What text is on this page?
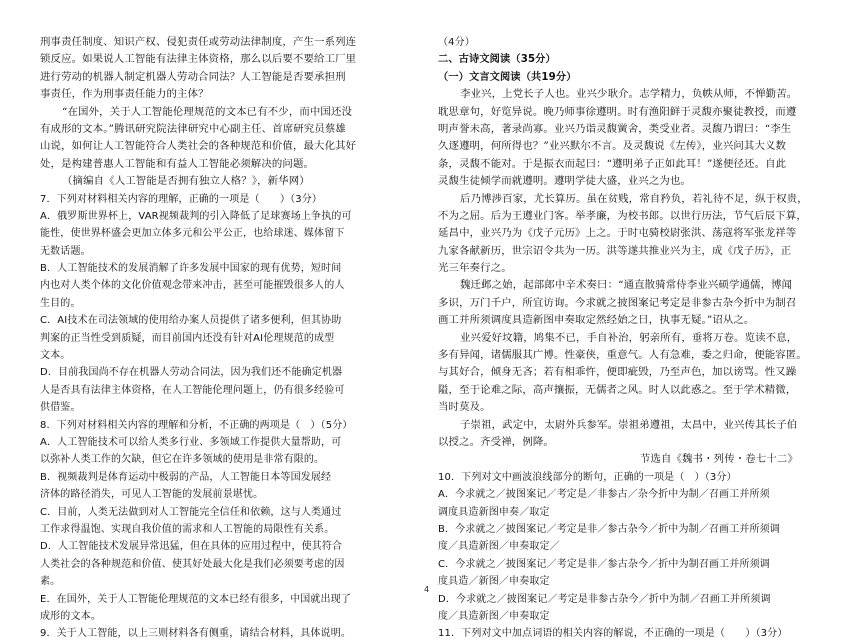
刑事责任制度、知识产权、侵犯责任或劳动法律制度，产生一系列连
锁反应。如果说人工智能有法律主体资格，那么以后要不要给工厂里
进行劳动的机器人制定机器人劳动合同法？人工智能是否要承担刑
事责任，作为刑事责任能力的主体？
“在国外，关于人工智能伦理规范的文本已有不少，而中国还没
有成形的文本。”腾讯研究院法律研究中心副主任、首席研究员蔡雄
山说，如何让人工智能符合人类社会的各种规范和价值，最大化其好
处，是构建普惠人工智能和有益人工智能必须解决的问题。
（摘编自《人工智能是否拥有独立人格？》，新华网）
7．下列对材料相关内容的理解，正确的一项是（　　）（3分）
A．俄罗斯世界杯上，VAR视频裁判的引入降低了足球赛场上争执的可
能性，使世界杯盛会更加立体多元和公平公正，也给球迷、媒体留下
无数话题。
B．人工智能技术的发展消解了许多发展中国家的现有优势，短时间
内也对人类个体的文化价值观念带来冲击，甚至可能摧毁很多人的人
生目的。
C．AI技术在司法领域的使用给办案人员提供了诸多便利，但其协助
判案的正当性受到质疑，而目前国内还没有针对AI伦理规范的成型
文本。
D．目前我国尚不存在机器人劳动合同法，因为我们还不能确定机器
人是否具有法律主体资格，在人工智能伦理问题上，仍有很多经验可
供借鉴。
8．下列对材料相关内容的理解和分析，不正确的两项是（　）（5分）
A．人工智能技术可以给人类多行业、多领域工作提供大量帮助，可
以弥补人类工作的欠缺，但它在许多领域的使用是非常有限的。
B．视频裁判是体育运动中极弱的产品，人工智能日本等国发展经
济体的路径消失，可见人工智能的发展前景堪忧。
C．目前，人类无法做到对人工智能完全信任和依赖，这与人类通过
工作求得温饱、实现自我价值的需求和人工智能的局限性有关系。
D．人工智能技术发展异常迅猛，但在具体的应用过程中，使其符合
人类社会的各种规范和价值、使其好处最大化是我们必须要考虑的因
素。
E．在国外，关于人工智能伦理规范的文本已经有很多，中国就出现了
成形的文本。
9．关于人工智能，以上三则材料各有侧重，请结合材料，具体说明。
（4分）
二、古诗文阅读（35分）
（一）文言文阅读（共19分）
李业兴，上党长子人也。业兴少耿介。志学精力，负帙从师，不惮勤苦。
耽思章句，好览异说。晚乃师事徐遵明。时有渔阳鲜于灵馥亦聚徒教授，而遵
明声誉未高，著录尚寡。业兴乃诣灵馥黉舍，类受业者。灵馥乃谓曰：“李生
久逐遵明，何所得也？”业兴默尔不言。及灵馥说《左传》，业兴问其大义数
条，灵馥不能对。于是振衣而起曰：“遵明弟子正如此耳！”遂便径还。自此
灵馥生徒倾学而就遵明。遵明学徒大盛，业兴之为也。
后乃博涉百家，尤长算历。虽在贫贱，常自矜负，若礼待不足，纵于权贵，
不为之屈。后为王遵业门客。举孝廉，为校书郎。以世行历法，节气后辰下算，
延昌中，业兴乃为《戊子元历》上之。于时屯骑校尉张洪、荡寇将军张龙祥等
九家各献新历，世宗诏令共为一历。洪等遂共推业兴为主，成《戊子历》，正
光三年奏行之。
魏迁邺之始，起部郎中辛术奏曰：“通直散骑常侍李业兴硕学通儒，博闻
多识，万门千户，所宜访询。今求就之披图案记考定是非参古杂今折中为制召
画工并所须调度具造新图申奏取定然经始之日，执事无疑。”诏从之。
业兴爱好坟籍，鸠集不已，手自补治，躬亲所有，垂将万卷。览读不息，
多有异闻，诸儒服其广博。性豪侠，重意气。人有急难，委之归命，便能容匿。
与其好合，倾身无吝；若有相乖忤，便即疵毁，乃至声色，加以谤骂。性又躁
隘，至于论难之际，高声攘振，无儒者之风。时人以此惑之。至于学术精微，
当时莫及。
子崇祖，武定中，太尉外兵参军。崇祖弟遵祖，太昌中，业兴传其长子伯
以授之。齐受禅，例降。
节选自《魏书・列传・卷七十二》
10．下列对文中画波浪线部分的断句，正确的一项是（　）（3分）
A．今求就之／披图案记／考定是／非参古／杂今折中为制／召画工并所须
调度具造新图申奏／取定
B．今求就之／披图案记／考定是非／参古杂今／折中为制／召画工并所须调
度／具造新图／申奏取定／
C．今求就之／披图案记／考定是非／参古杂今／折中为制召画工并所须调
度具造／新图／申奏取定
D．今求就之／披图案记／考定是非参古杂今／折中为制／召画工并所须调
度／具造新图／申奏取定
11．下列对文中加点词语的相关内容的解说，不正确的一项是（　　）（3分）
4
